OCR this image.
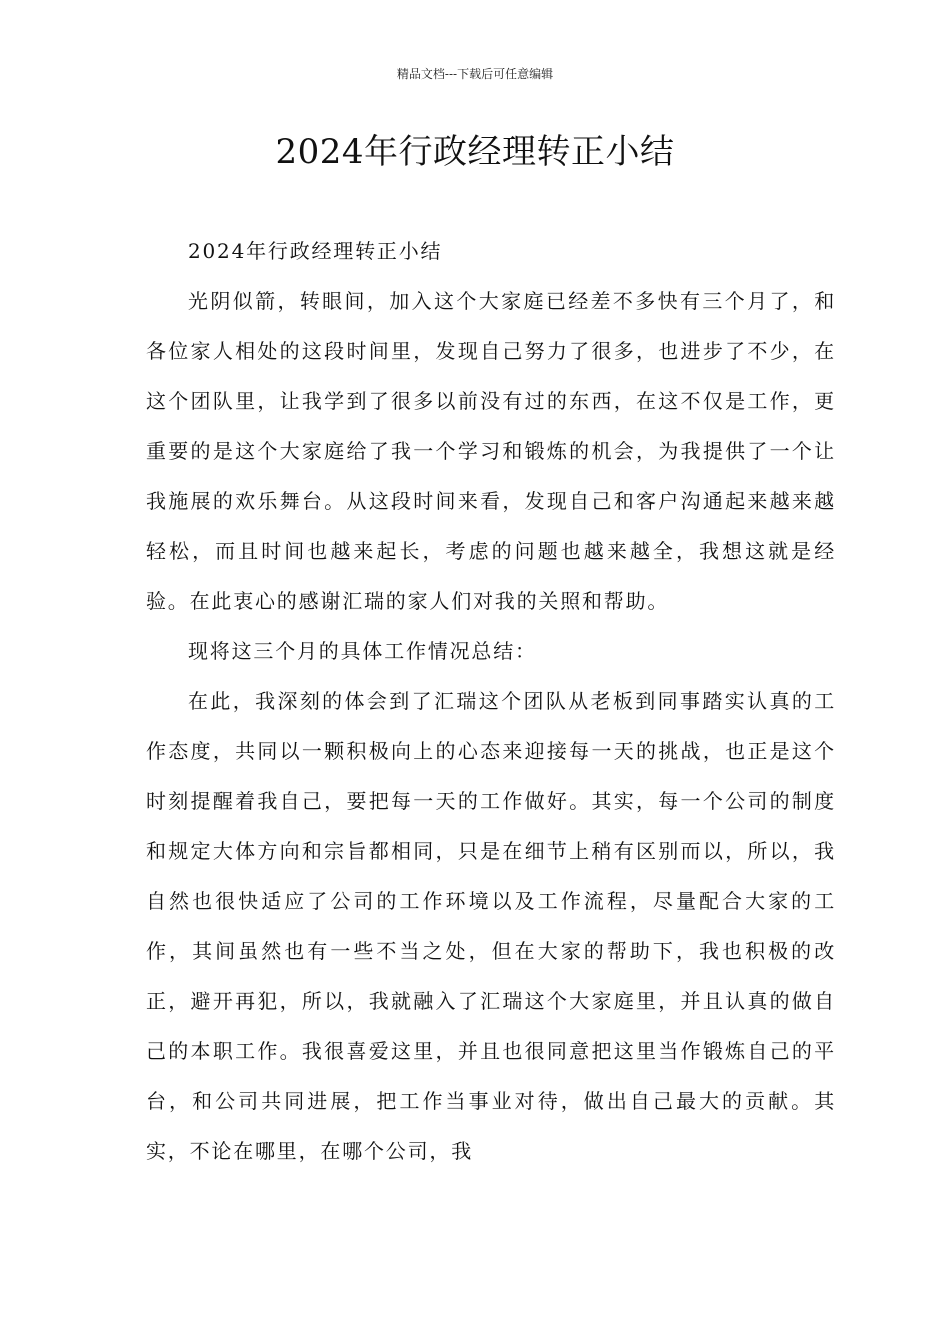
精品文档---下载后可任意编辑
2024年行政经理转正小结

2024年行政经理转正小结

光阴似箭，转眼间，加入这个大家庭已经差不多快有三个月了，和各位家人相处的这段时间里，发现自己努力了很多，也进步了不少，在这个团队里，让我学到了很多以前没有过的东西，在这不仅是工作，更重要的是这个大家庭给了我一个学习和锻炼的机会，为我提供了一个让我施展的欢乐舞台。从这段时间来看，发现自己和客户沟通起来越来越轻松，而且时间也越来起长，考虑的问题也越来越全，我想这就是经验。在此衷心的感谢汇瑞的家人们对我的关照和帮助。

现将这三个月的具体工作情况总结：

在此，我深刻的体会到了汇瑞这个团队从老板到同事踏实认真的工作态度，共同以一颗积极向上的心态来迎接每一天的挑战，也正是这个时刻提醒着我自己，要把每一天的工作做好。其实，每一个公司的制度和规定大体方向和宗旨都相同，只是在细节上稍有区别而以，所以，我自然也很快适应了公司的工作环境以及工作流程，尽量配合大家的工作，其间虽然也有一些不当之处，但在大家的帮助下，我也积极的改正，避开再犯，所以，我就融入了汇瑞这个大家庭里，并且认真的做自己的本职工作。我很喜爱这里，并且也很同意把这里当作锻炼自己的平台，和公司共同进展，把工作当事业对待，做出自己最大的贡献。其实，不论在哪里，在哪个公司，我
